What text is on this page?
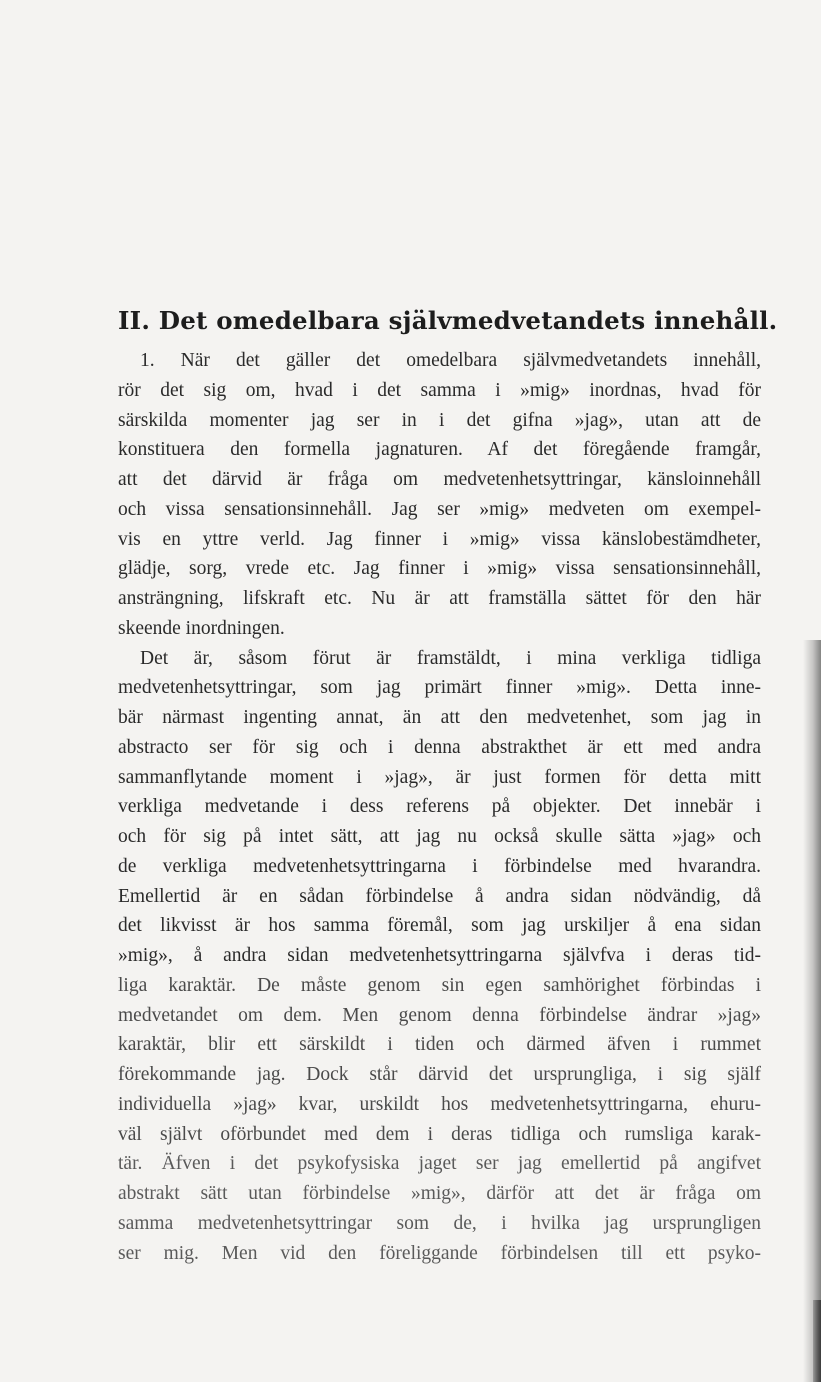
II. Det omedelbara självmedvetandets innehåll.
1. När det gäller det omedelbara självmedvetandets innehåll,
rör det sig om, hvad i det samma i »mig» inordnas, hvad för
särskilda momenter jag ser in i det gifna »jag», utan att de
konstituera den formella jagnaturen. Af det föregående framgår,
att det därvid är fråga om medvetenhetsyttringar, känsloinnehåll
och vissa sensationsinnehåll. Jag ser »mig» medveten om exempel-
vis en yttre verld. Jag finner i »mig» vissa känslobestämdheter,
glädje, sorg, vrede etc. Jag finner i »mig» vissa sensationsinnehåll,
ansträngning, lifskraft etc. Nu är att framställa sättet för den här
skeende inordningen.
Det är, såsom förut är framstäldt, i mina verkliga tidliga
medvetenhetsyttringar, som jag primärt finner »mig». Detta inne-
bär närmast ingenting annat, än att den medvetenhet, som jag in
abstracto ser för sig och i denna abstrakthet är ett med andra
sammanflytande moment i »jag», är just formen för detta mitt
verkliga medvetande i dess referens på objekter. Det innebär i
och för sig på intet sätt, att jag nu också skulle sätta »jag» och
de verkliga medvetenhetsyttringarna i förbindelse med hvarandra.
Emellertid är en sådan förbindelse å andra sidan nödvändig, då
det likvisst är hos samma föremål, som jag urskiljer å ena sidan
»mig», å andra sidan medvetenhetsyttringarna självfva i deras tid-
liga karaktär. De måste genom sin egen samhörighet förbindas i
medvetandet om dem. Men genom denna förbindelse ändrar »jag»
karaktär, blir ett särskildt i tiden och därmed äfven i rummet
förekommande jag. Dock står därvid det ursprungliga, i sig själf
individuella »jag» kvar, urskildt hos medvetenhetsyttringarna, ehuru-
väl självt oförbundet med dem i deras tidliga och rumsliga karak-
tär. Äfven i det psykofysiska jaget ser jag emellertid på angifvet
abstrakt sätt utan förbindelse »mig», därför att det är fråga om
samma medvetenhetsyttringar som de, i hvilka jag ursprungligen
ser mig. Men vid den föreliggande förbindelsen till ett psyko-
